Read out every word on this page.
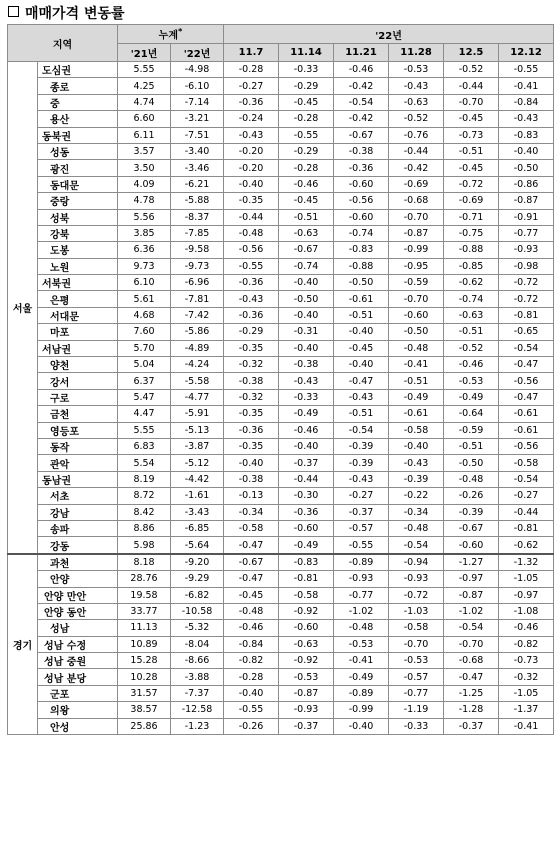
매매가격 변동률
지역		누계*		'22년					
		'21년	'22년	11.7	11.14	11.21	11.28	12.5	12.12
서울	도심권	5.55	-4.98	-0.28	-0.33	-0.46	-0.53	-0.52	-0.55
	종로	4.25	-6.10	-0.27	-0.29	-0.42	-0.43	-0.44	-0.41
	중	4.74	-7.14	-0.36	-0.45	-0.54	-0.63	-0.70	-0.84
	용산	6.60	-3.21	-0.24	-0.28	-0.42	-0.52	-0.45	-0.43
	동북권	6.11	-7.51	-0.43	-0.55	-0.67	-0.76	-0.73	-0.83
	성동	3.57	-3.40	-0.20	-0.29	-0.38	-0.44	-0.51	-0.40
	광진	3.50	-3.46	-0.20	-0.28	-0.36	-0.42	-0.45	-0.50
	동대문	4.09	-6.21	-0.40	-0.46	-0.60	-0.69	-0.72	-0.86
	중랑	4.78	-5.88	-0.35	-0.45	-0.56	-0.68	-0.69	-0.87
	성북	5.56	-8.37	-0.44	-0.51	-0.60	-0.70	-0.71	-0.91
	강북	3.85	-7.85	-0.48	-0.63	-0.74	-0.87	-0.75	-0.77
	도봉	6.36	-9.58	-0.56	-0.67	-0.83	-0.99	-0.88	-0.93
	노원	9.73	-9.73	-0.55	-0.74	-0.88	-0.95	-0.85	-0.98
	서북권	6.10	-6.96	-0.36	-0.40	-0.50	-0.59	-0.62	-0.72
	은평	5.61	-7.81	-0.43	-0.50	-0.61	-0.70	-0.74	-0.72
	서대문	4.68	-7.42	-0.36	-0.40	-0.51	-0.60	-0.63	-0.81
	마포	7.60	-5.86	-0.29	-0.31	-0.40	-0.50	-0.51	-0.65
	서남권	5.70	-4.89	-0.35	-0.40	-0.45	-0.48	-0.52	-0.54
	양천	5.04	-4.24	-0.32	-0.38	-0.40	-0.41	-0.46	-0.47
	강서	6.37	-5.58	-0.38	-0.43	-0.47	-0.51	-0.53	-0.56
	구로	5.47	-4.77	-0.32	-0.33	-0.43	-0.49	-0.49	-0.47
	금천	4.47	-5.91	-0.35	-0.49	-0.51	-0.61	-0.64	-0.61
	영등포	5.55	-5.13	-0.36	-0.46	-0.54	-0.58	-0.59	-0.61
	동작	6.83	-3.87	-0.35	-0.40	-0.39	-0.40	-0.51	-0.56
	관악	5.54	-5.12	-0.40	-0.37	-0.39	-0.43	-0.50	-0.58
	동남권	8.19	-4.42	-0.38	-0.44	-0.43	-0.39	-0.48	-0.54
	서초	8.72	-1.61	-0.13	-0.30	-0.27	-0.22	-0.26	-0.27
	강남	8.42	-3.43	-0.34	-0.36	-0.37	-0.34	-0.39	-0.44
	송파	8.86	-6.85	-0.58	-0.60	-0.57	-0.48	-0.67	-0.81
	강동	5.98	-5.64	-0.47	-0.49	-0.55	-0.54	-0.60	-0.62
경기	과천	8.18	-9.20	-0.67	-0.83	-0.89	-0.94	-1.27	-1.32
	안양	28.76	-9.29	-0.47	-0.81	-0.93	-0.93	-0.97	-1.05
	안양 만안	19.58	-6.82	-0.45	-0.58	-0.77	-0.72	-0.87	-0.97
	안양 동안	33.77	-10.58	-0.48	-0.92	-1.02	-1.03	-1.02	-1.08
	성남	11.13	-5.32	-0.46	-0.60	-0.48	-0.58	-0.54	-0.46
	성남 수정	10.89	-8.04	-0.84	-0.63	-0.53	-0.70	-0.70	-0.82
	성남 중원	15.28	-8.66	-0.82	-0.92	-0.41	-0.53	-0.68	-0.73
	성남 분당	10.28	-3.88	-0.28	-0.53	-0.49	-0.57	-0.47	-0.32
	군포	31.57	-7.37	-0.40	-0.87	-0.89	-0.77	-1.25	-1.05
	의왕	38.57	-12.58	-0.55	-0.93	-0.99	-1.19	-1.28	-1.37
	안성	25.86	-1.23	-0.26	-0.37	-0.40	-0.33	-0.37	-0.41
